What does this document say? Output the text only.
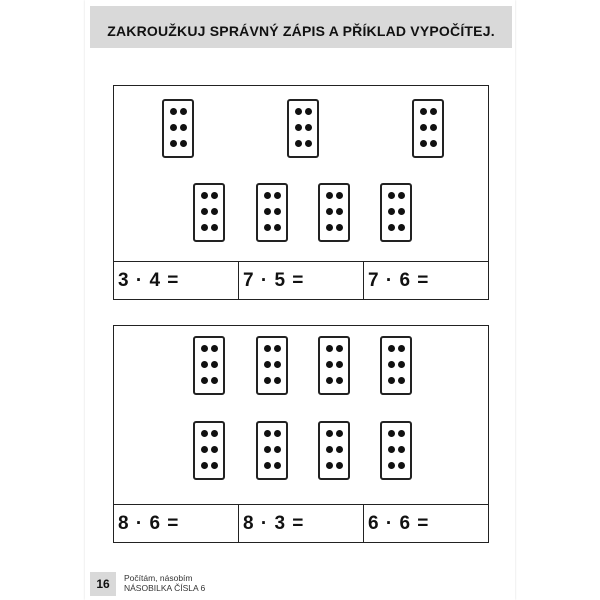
ZAKROUŽKUJ SPRÁVNÝ ZÁPIS A PŘÍKLAD VYPOČÍTEJ.
3 · 4 =	7 · 5 =	7 · 6 =
8 · 6 =	8 · 3 =	6 · 6 =
16 Počítám, násobím
NÁSOBILKA ČÍSLA 6
